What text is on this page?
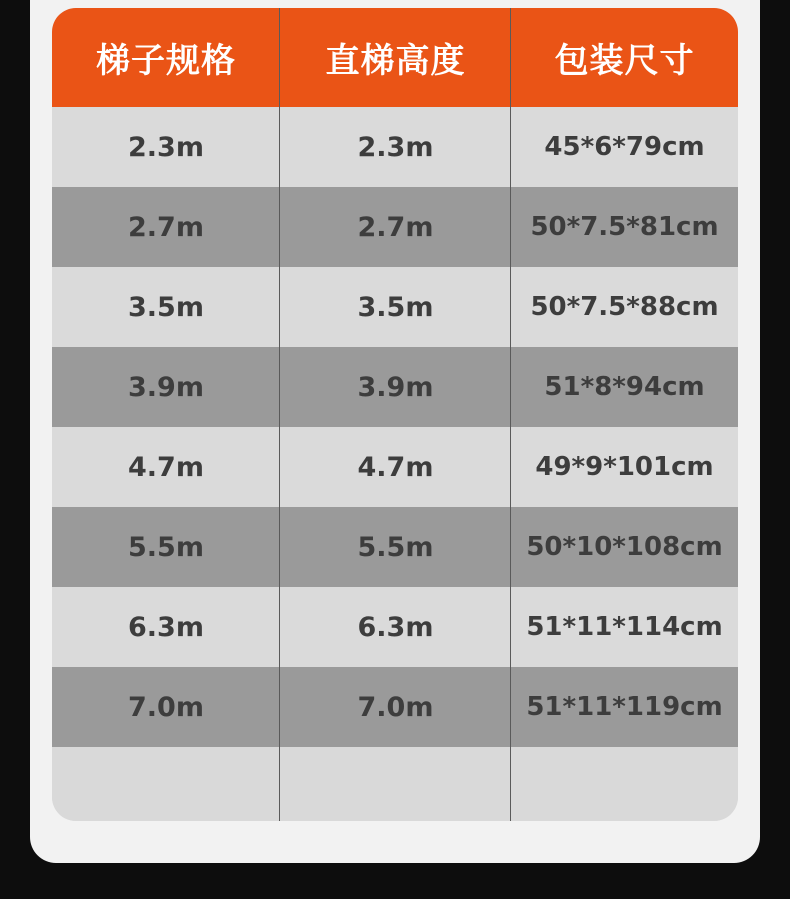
梯子规格	直梯高度	包装尺寸
2.3m	2.3m	45*6*79cm
2.7m	2.7m	50*7.5*81cm
3.5m	3.5m	50*7.5*88cm
3.9m	3.9m	51*8*94cm
4.7m	4.7m	49*9*101cm
5.5m	5.5m	50*10*108cm
6.3m	6.3m	51*11*114cm
7.0m	7.0m	51*11*119cm
